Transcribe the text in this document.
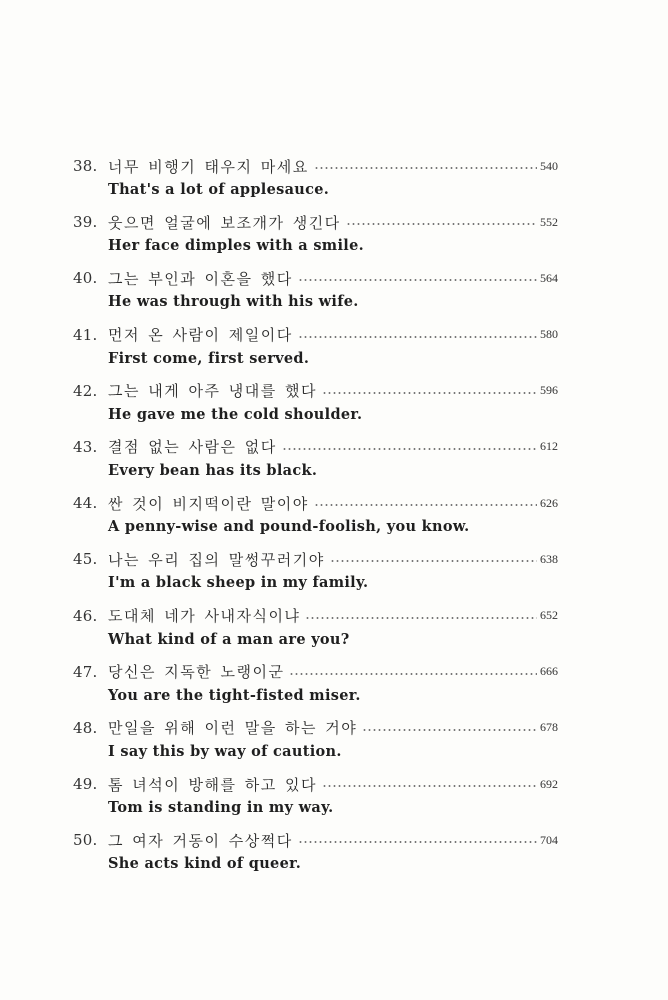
38. 너무 비행기 태우지 마세요	540
That's a lot of applesauce.
39. 웃으면 얼굴에 보조개가 생긴다	552
Her face dimples with a smile.
40. 그는 부인과 이혼을 했다	564
He was through with his wife.
41. 먼저 온 사람이 제일이다	580
First come, first served.
42. 그는 내게 아주 냉대를 했다	596
He gave me the cold shoulder.
43. 결점 없는 사람은 없다	612
Every bean has its black.
44. 싼 것이 비지떡이란 말이야	626
A penny-wise and pound-foolish, you know.
45. 나는 우리 집의 말썽꾸러기야	638
I'm a black sheep in my family.
46. 도대체 네가 사내자식이냐	652
What kind of a man are you?
47. 당신은 지독한 노랭이군	666
You are the tight-fisted miser.
48. 만일을 위해 이런 말을 하는 거야	678
I say this by way of caution.
49. 톰 녀석이 방해를 하고 있다	692
Tom is standing in my way.
50. 그 여자 거동이 수상쩍다	704
She acts kind of queer.
